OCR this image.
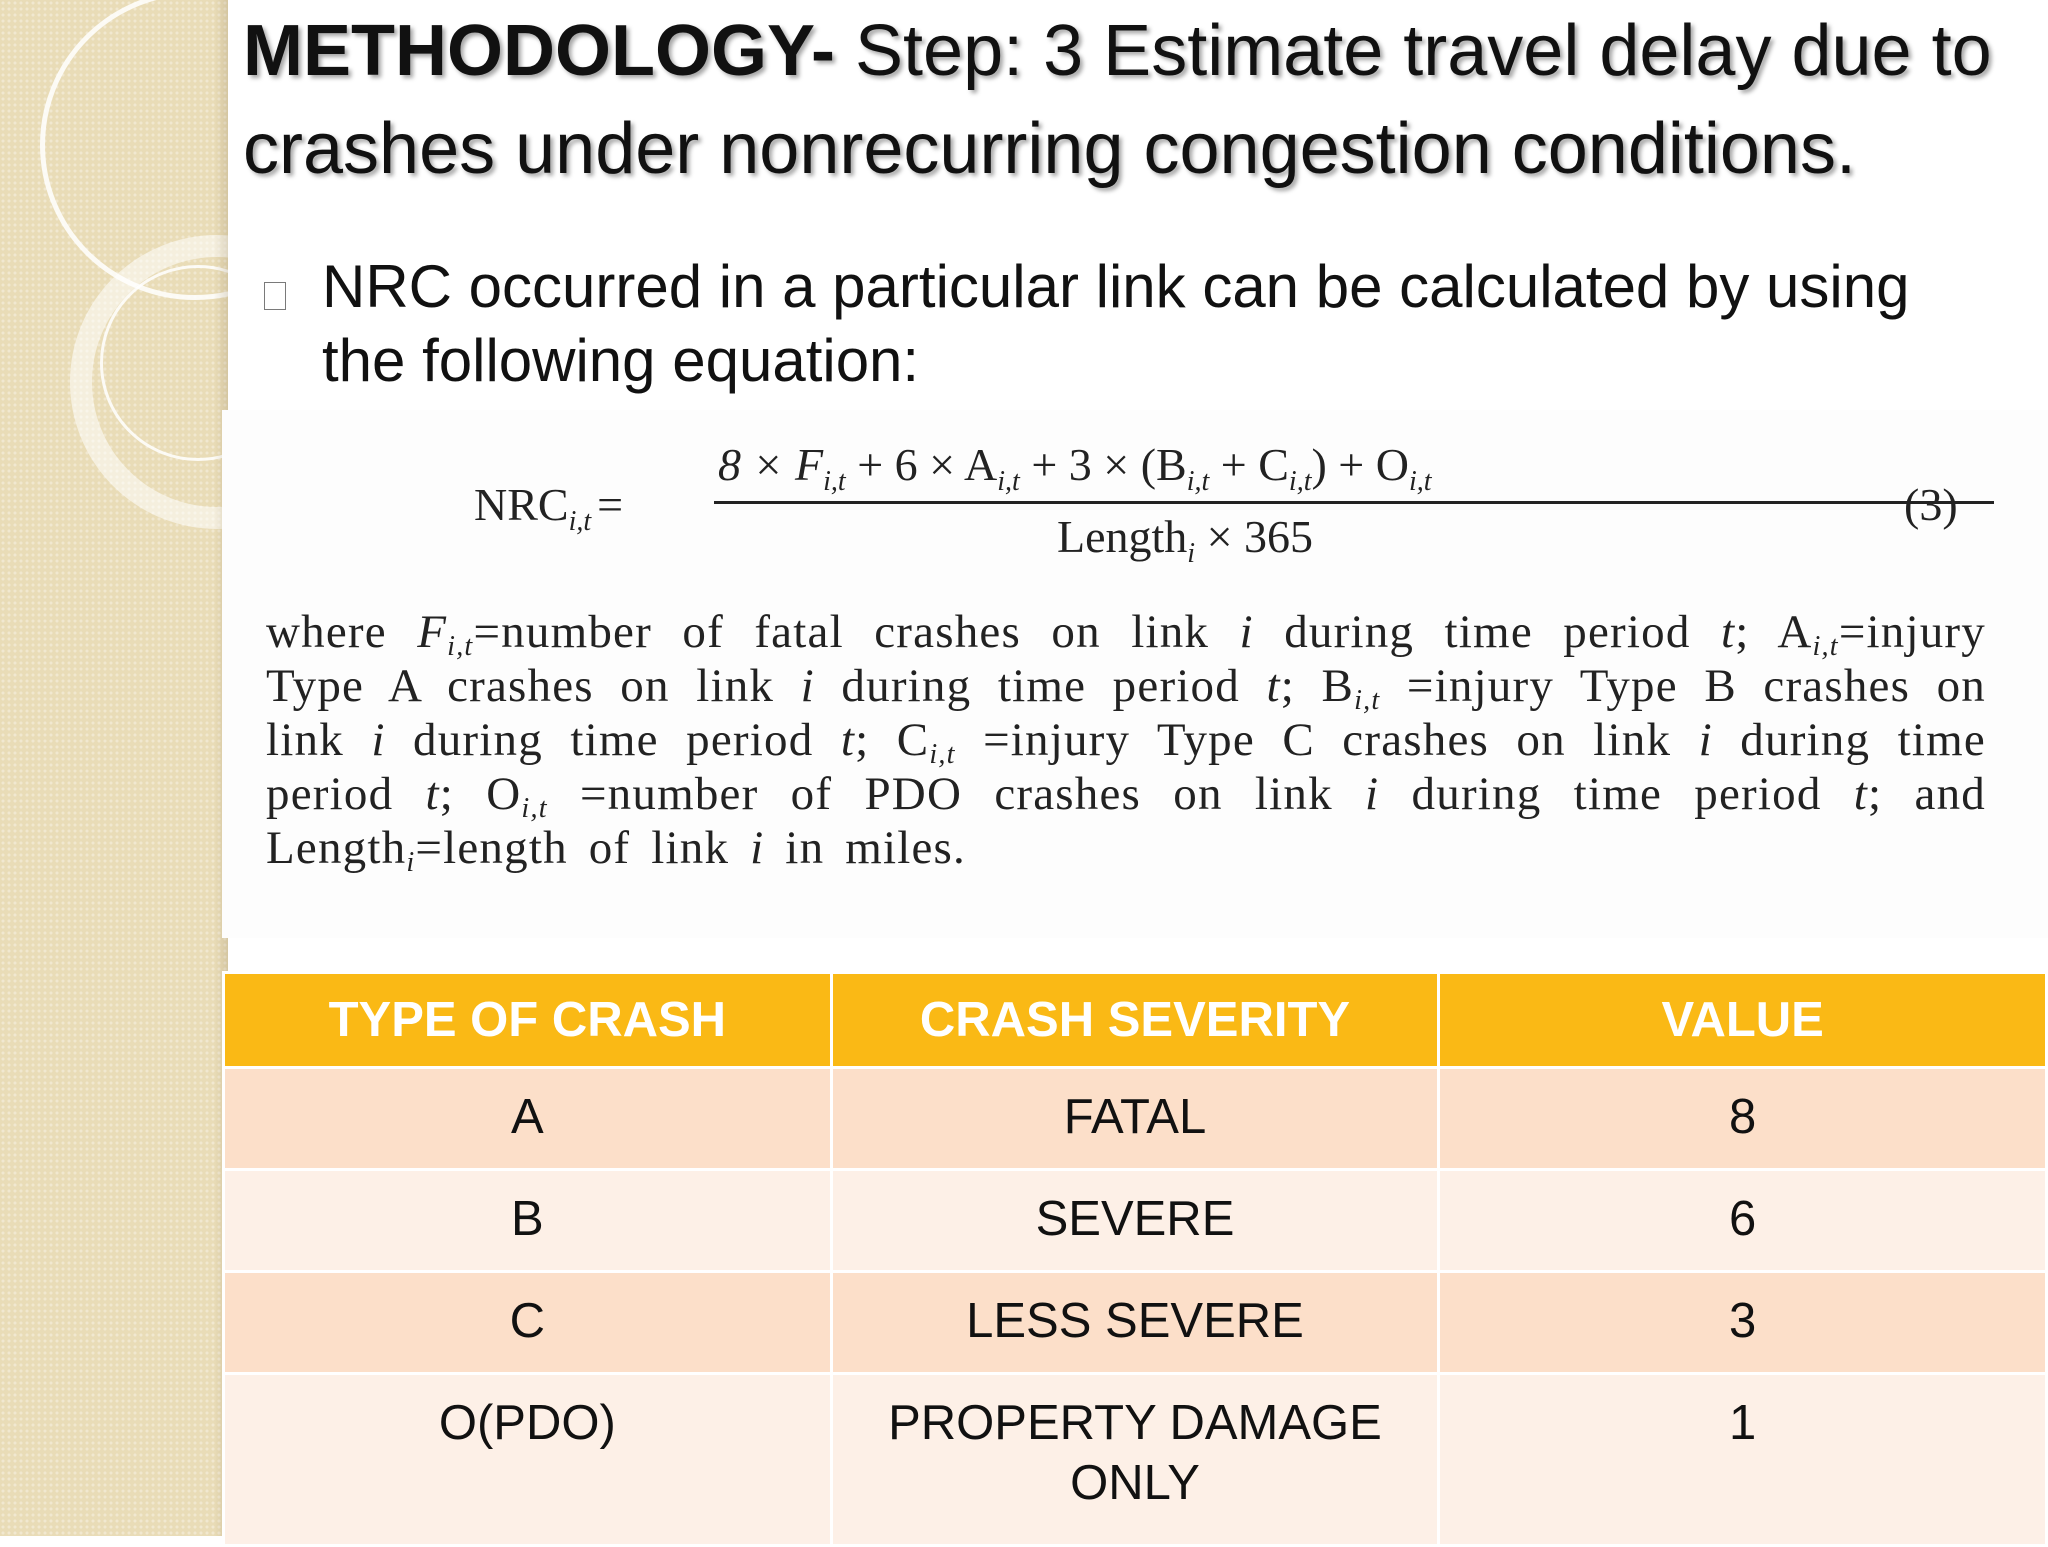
METHODOLOGY- Step: 3 Estimate travel delay due to crashes under nonrecurring congestion conditions.
NRC occurred in a particular link can be calculated by using the following equation:
$NRC_{i,t}$ =
$8 \times F_{i,t} + 6 \times A_{i,t} + 3 \times (B_{i,t} + C_{i,t}) + O_{i,t}$
Length$_i$ × 365
(3)

where $F_{i,t}=number$ of fatal crashes on link i during time period t; $A_{i,t}=injury$ Type A crashes on link i during time period t; $B_{i,t}$ =injury Type B crashes on link i during time period t; $C_{i,t}$ =injury Type C crashes on link i during time period t; $O_{i,t}$ =number of PDO crashes on link i during time period t; and Length$_i$=length of link i in miles.

TYPE OF CRASH	CRASH SEVERITY	VALUE
A	FATAL	8
B	SEVERE	6
C	LESS SEVERE	3
O(PDO)	PROPERTY DAMAGE ONLY	1
